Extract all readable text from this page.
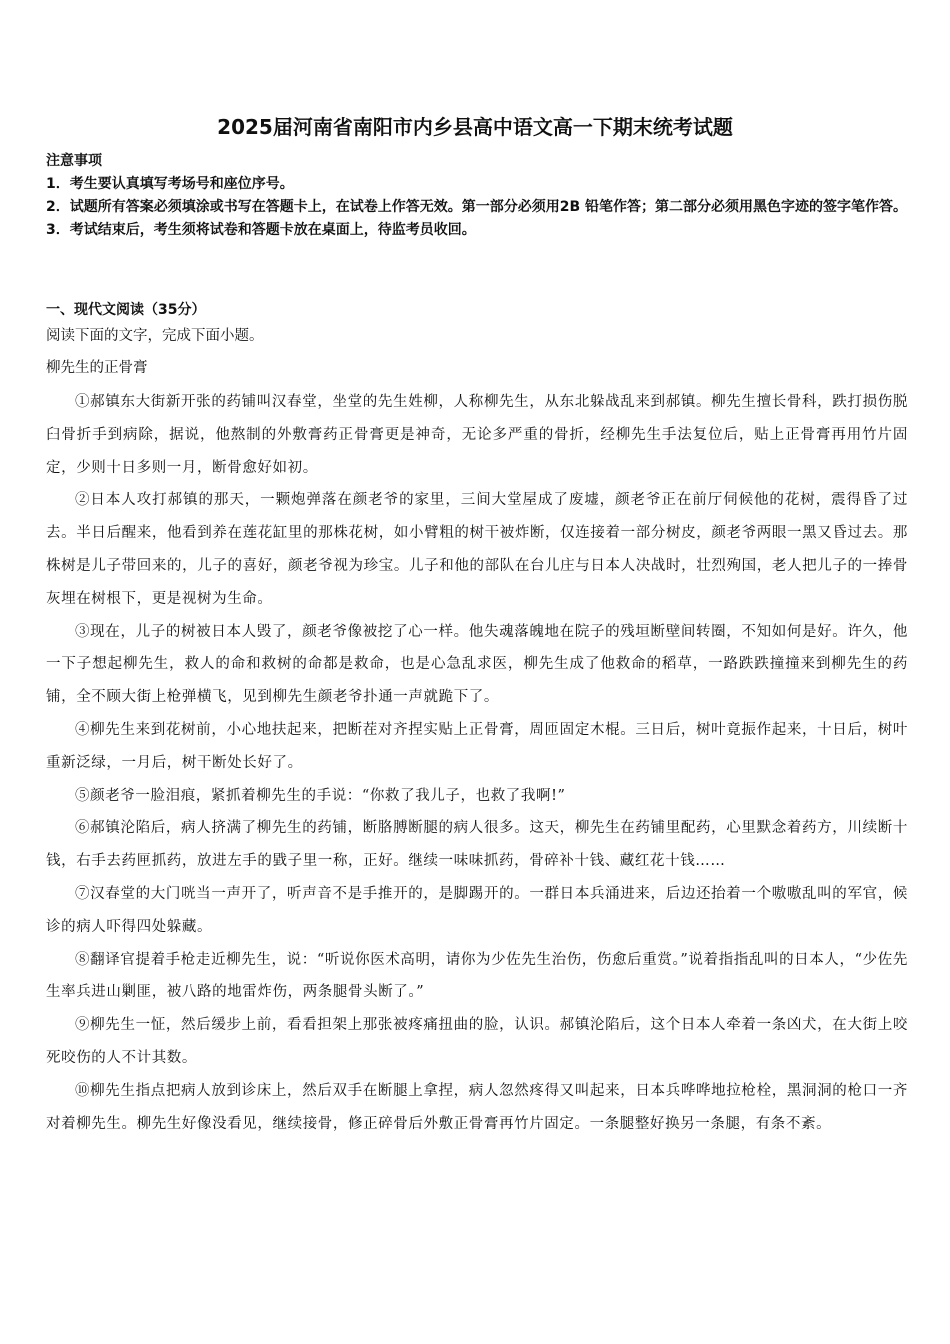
2025届河南省南阳市内乡县高中语文高一下期末统考试题

注意事项

1．考生要认真填写考场号和座位序号。

2．试题所有答案必须填涂或书写在答题卡上，在试卷上作答无效。第一部分必须用2B 铅笔作答；第二部分必须用黑色字迹的签字笔作答。

3．考试结束后，考生须将试卷和答题卡放在桌面上，待监考员收回。

一、现代文阅读（35分）

阅读下面的文字，完成下面小题。

柳先生的正骨膏

①郝镇东大街新开张的药铺叫汉春堂，坐堂的先生姓柳，人称柳先生，从东北躲战乱来到郝镇。柳先生擅长骨科，跌打损伤脱臼骨折手到病除，据说，他熬制的外敷膏药正骨膏更是神奇，无论多严重的骨折，经柳先生手法复位后，贴上正骨膏再用竹片固定，少则十日多则一月，断骨愈好如初。

②日本人攻打郝镇的那天，一颗炮弹落在颜老爷的家里，三间大堂屋成了废墟，颜老爷正在前厅伺候他的花树，震得昏了过去。半日后醒来，他看到养在莲花缸里的那株花树，如小臂粗的树干被炸断，仅连接着一部分树皮，颜老爷两眼一黑又昏过去。那株树是儿子带回来的，儿子的喜好，颜老爷视为珍宝。儿子和他的部队在台儿庄与日本人决战时，壮烈殉国，老人把儿子的一捧骨灰埋在树根下，更是视树为生命。

③现在，儿子的树被日本人毁了，颜老爷像被挖了心一样。他失魂落魄地在院子的残垣断壁间转圈，不知如何是好。许久，他一下子想起柳先生，救人的命和救树的命都是救命，也是心急乱求医，柳先生成了他救命的稻草，一路跌跌撞撞来到柳先生的药铺，全不顾大街上枪弹横飞，见到柳先生颜老爷扑通一声就跪下了。

④柳先生来到花树前，小心地扶起来，把断茬对齐捏实贴上正骨膏，周匝固定木棍。三日后，树叶竟振作起来，十日后，树叶重新泛绿，一月后，树干断处长好了。

⑤颜老爷一脸泪痕，紧抓着柳先生的手说：“你救了我儿子，也救了我啊!”

⑥郝镇沦陷后，病人挤满了柳先生的药铺，断胳膊断腿的病人很多。这天，柳先生在药铺里配药，心里默念着药方，川续断十钱，右手去药匣抓药，放进左手的戥子里一称，正好。继续一味味抓药，骨碎补十钱、藏红花十钱……

⑦汉春堂的大门咣当一声开了，听声音不是手推开的，是脚踢开的。一群日本兵涌进来，后边还抬着一个嗷嗷乱叫的军官，候诊的病人吓得四处躲藏。

⑧翻译官提着手枪走近柳先生，说：“听说你医术高明，请你为少佐先生治伤，伤愈后重赏。”说着指指乱叫的日本人，“少佐先生率兵进山剿匪，被八路的地雷炸伤，两条腿骨头断了。”

⑨柳先生一怔，然后缓步上前，看看担架上那张被疼痛扭曲的脸，认识。郝镇沦陷后，这个日本人牵着一条凶犬，在大街上咬死咬伤的人不计其数。

⑩柳先生指点把病人放到诊床上，然后双手在断腿上拿捏，病人忽然疼得又叫起来，日本兵哗哗地拉枪栓，黑洞洞的枪口一齐对着柳先生。柳先生好像没看见，继续接骨，修正碎骨后外敷正骨膏再竹片固定。一条腿整好换另一条腿，有条不紊。
